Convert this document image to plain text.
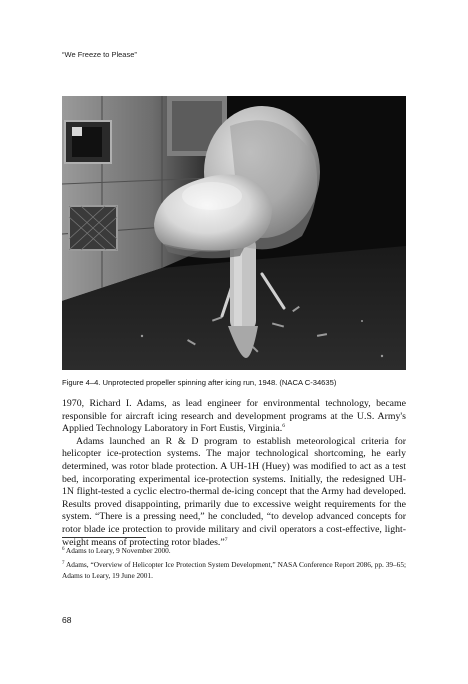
“We Freeze to Please”
Figure 4–4. Unprotected propeller spinning after icing run, 1948. (NACA C-34635)

1970, Richard I. Adams, as lead engineer for environmental technology, became responsible for aircraft icing research and development programs at the U.S. Army's Applied Technology Laboratory in Fort Eustis, Virginia.$^6$

Adams launched an R & D program to establish meteorological criteria for helicopter ice-protection systems. The major technological shortcoming, he early determined, was rotor blade protection. A UH-1H (Huey) was modified to act as a test bed, incorporating experimental ice-protection systems. Initially, the redesigned UH-1N flight-tested a cyclic electro-thermal de-icing concept that the Army had developed. Results proved disappointing, primarily due to excessive weight requirements for the system. “There is a pressing need,” he concluded, “to develop advanced concepts for rotor blade ice protection to provide military and civil operators a cost-effective, light-weight means of protecting rotor blades.”$^7$

$^6$ Adams to Leary, 9 November 2000.

$^7$ Adams, “Overview of Helicopter Ice Protection System Development,” NASA Conference Report 2086, pp. 39–65; Adams to Leary, 19 June 2001.

68
